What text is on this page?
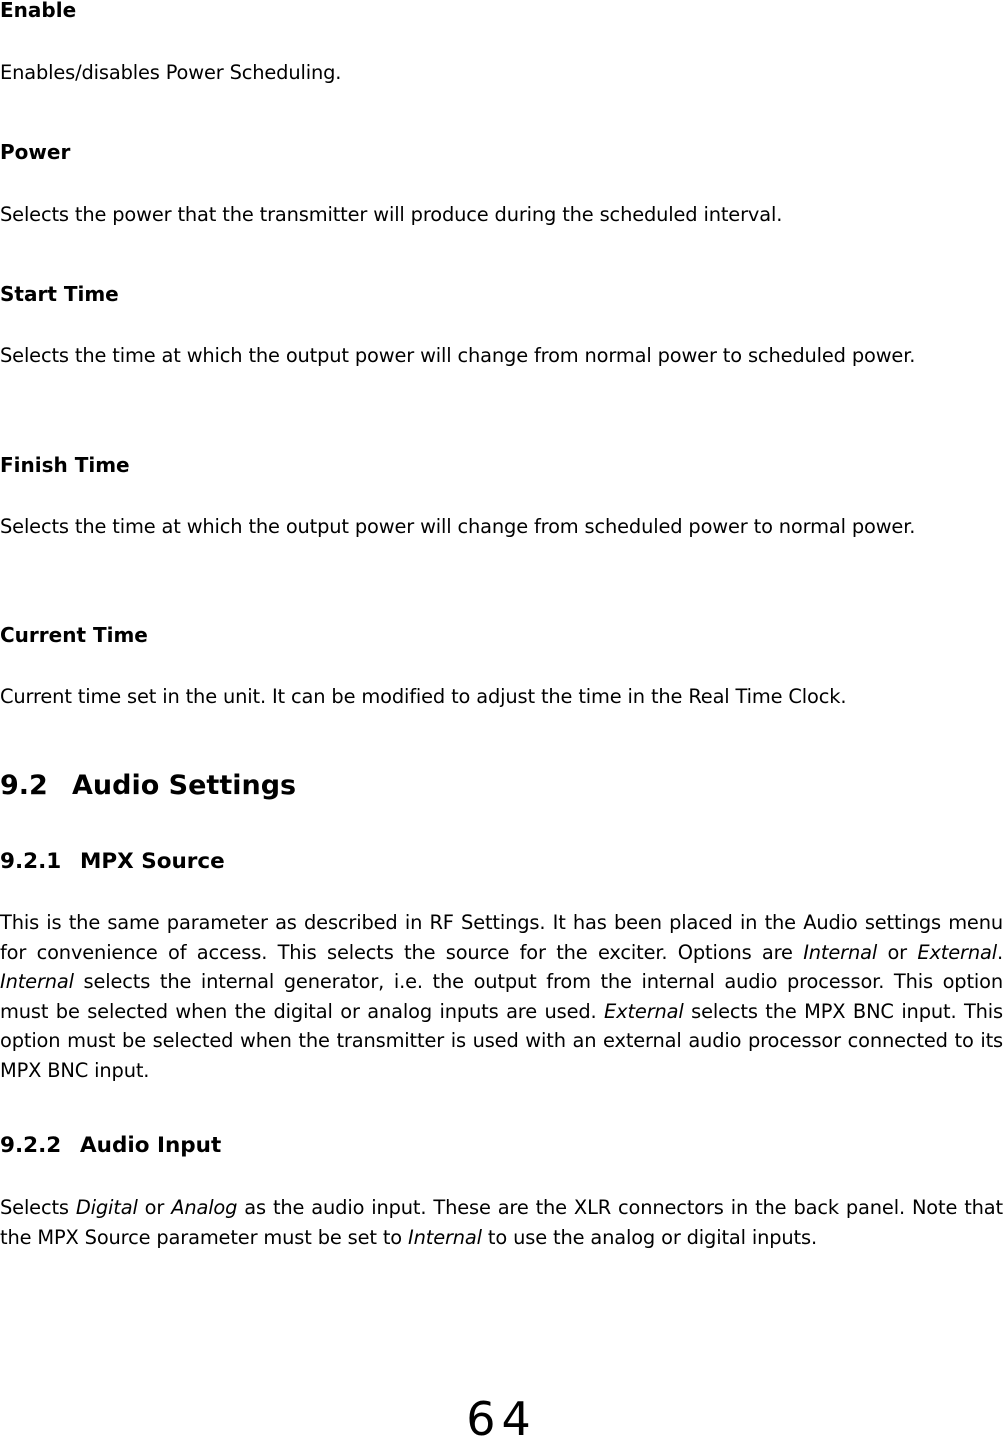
Enable

Enables/disables Power Scheduling.

Power

Selects the power that the transmitter will produce during the scheduled interval.

Start Time

Selects the time at which the output power will change from normal power to scheduled power.

Finish Time

Selects the time at which the output power will change from scheduled power to normal power.

Current Time

Current time set in the unit. It can be modified to adjust the time in the Real Time Clock.

9.2 Audio Settings
9.2.1 MPX Source

This is the same parameter as described in RF Settings. It has been placed in the Audio settings menu for convenience of access. This selects the source for the exciter. Options are Internal or External. Internal selects the internal generator, i.e. the output from the internal audio processor. This option must be selected when the digital or analog inputs are used. External selects the MPX BNC input. This option must be selected when the transmitter is used with an external audio processor connected to its MPX BNC input.

9.2.2 Audio Input

Selects Digital or Analog as the audio input. These are the XLR connectors in the back panel. Note that the MPX Source parameter must be set to Internal to use the analog or digital inputs.

64
